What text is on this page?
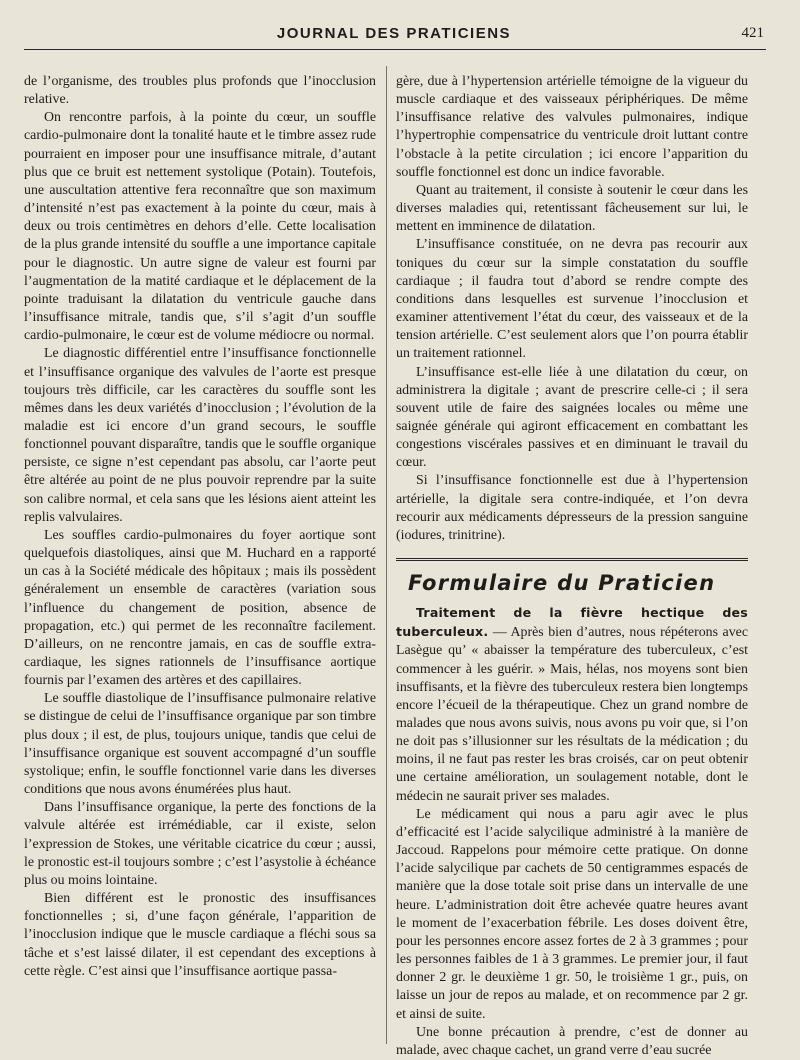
JOURNAL DES PRATICIENS	421

de l’organisme, des troubles plus profonds que l’inocclusion relative.

On rencontre parfois, à la pointe du cœur, un souffle cardio-pulmonaire dont la tonalité haute et le timbre assez rude pourraient en imposer pour une insuffisance mitrale, d’autant plus que ce bruit est nettement systolique (Potain). Toutefois, une auscultation attentive fera reconnaître que son maximum d’intensité n’est pas exactement à la pointe du cœur, mais à deux ou trois centimètres en dehors d’elle. Cette localisation de la plus grande intensité du souffle a une importance capitale pour le diagnostic. Un autre signe de valeur est fourni par l’augmentation de la matité cardiaque et le déplacement de la pointe traduisant la dilatation du ventricule gauche dans l’insuffisance mitrale, tandis que, s’il s’agit d’un souffle cardio-pulmonaire, le cœur est de volume médiocre ou normal.

Le diagnostic différentiel entre l’insuffisance fonctionnelle et l’insuffisance organique des valvules de l’aorte est presque toujours très difficile, car les caractères du souffle sont les mêmes dans les deux variétés d’inocclusion ; l’évolution de la maladie est ici encore d’un grand secours, le souffle fonctionnel pouvant disparaître, tandis que le souffle organique persiste, ce signe n’est cependant pas absolu, car l’aorte peut être altérée au point de ne plus pouvoir reprendre par la suite son calibre normal, et cela sans que les lésions aient atteint les replis valvulaires.

Les souffles cardio-pulmonaires du foyer aortique sont quelquefois diastoliques, ainsi que M. Huchard en a rapporté un cas à la Société médicale des hôpitaux ; mais ils possèdent généralement un ensemble de caractères (variation sous l’influence du changement de position, absence de propagation, etc.) qui permet de les reconnaître facilement. D’ailleurs, on ne rencontre jamais, en cas de souffle extra-cardiaque, les signes rationnels de l’insuffisance aortique fournis par l’examen des artères et des capillaires.

Le souffle diastolique de l’insuffisance pulmonaire relative se distingue de celui de l’insuffisance organique par son timbre plus doux ; il est, de plus, toujours unique, tandis que celui de l’insuffisance organique est souvent accompagné d’un souffle systolique; enfin, le souffle fonctionnel varie dans les diverses conditions que nous avons énumérées plus haut.

Dans l’insuffisance organique, la perte des fonctions de la valvule altérée est irrémédiable, car il existe, selon l’expression de Stokes, une véritable cicatrice du cœur ; aussi, le pronostic est-il toujours sombre ; c’est l’asystolie à échéance plus ou moins lointaine.

Bien différent est le pronostic des insuffisances fonctionnelles ; si, d’une façon générale, l’apparition de l’inocclusion indique que le muscle cardiaque a fléchi sous sa tâche et s’est laissé dilater, il est cependant des exceptions à cette règle. C’est ainsi que l’insuffisance aortique passa-

gère, due à l’hypertension artérielle témoigne de la vigueur du muscle cardiaque et des vaisseaux périphériques. De même l’insuffisance relative des valvules pulmonaires, indique l’hypertrophie compensatrice du ventricule droit luttant contre l’obstacle à la petite circulation ; ici encore l’apparition du souffle fonctionnel est donc un indice favorable.

Quant au traitement, il consiste à soutenir le cœur dans les diverses maladies qui, retentissant fâcheusement sur lui, le mettent en imminence de dilatation.

L’insuffisance constituée, on ne devra pas recourir aux toniques du cœur sur la simple constatation du souffle cardiaque ; il faudra tout d’abord se rendre compte des conditions dans lesquelles est survenue l’inocclusion et examiner attentivement l’état du cœur, des vaisseaux et de la tension artérielle. C’est seulement alors que l’on pourra établir un traitement rationnel.

L’insuffisance est-elle liée à une dilatation du cœur, on administrera la digitale ; avant de prescrire celle-ci ; il sera souvent utile de faire des saignées locales ou même une saignée générale qui agiront efficacement en combattant les congestions viscérales passives et en diminuant le travail du cœur.

Si l’insuffisance fonctionnelle est due à l’hypertension artérielle, la digitale sera contre-indiquée, et l’on devra recourir aux médicaments dépresseurs de la pression sanguine (iodures, trinitrine).

Formulaire du Praticien

Traitement de la fièvre hectique des tuberculeux. — Après bien d’autres, nous répéterons avec Lasègue qu’ « abaisser la température des tuberculeux, c’est commencer à les guérir. » Mais, hélas, nos moyens sont bien insuffisants, et la fièvre des tuberculeux restera bien longtemps encore l’écueil de la thérapeutique. Chez un grand nombre de malades que nous avons suivis, nous avons pu voir que, si l’on ne doit pas s’illusionner sur les résultats de la médication ; du moins, il ne faut pas rester les bras croisés, car on peut obtenir une certaine amélioration, un soulagement notable, dont le médecin ne saurait priver ses malades.

Le médicament qui nous a paru agir avec le plus d’efficacité est l’acide salycilique administré à la manière de Jaccoud. Rappelons pour mémoire cette pratique. On donne l’acide salycilique par cachets de 50 centigrammes espacés de manière que la dose totale soit prise dans un intervalle de une heure. L’administration doit être achevée quatre heures avant le moment de l’exacerbation fébrile. Les doses doivent être, pour les personnes encore assez fortes de 2 à 3 grammes ; pour les personnes faibles de 1 à 3 grammes. Le premier jour, il faut donner 2 gr. le deuxième 1 gr. 50, le troisième 1 gr., puis, on laisse un jour de repos au malade, et on recommence par 2 gr. et ainsi de suite.

Une bonne précaution à prendre, c’est de donner au malade, avec chaque cachet, un grand verre d’eau sucrée
